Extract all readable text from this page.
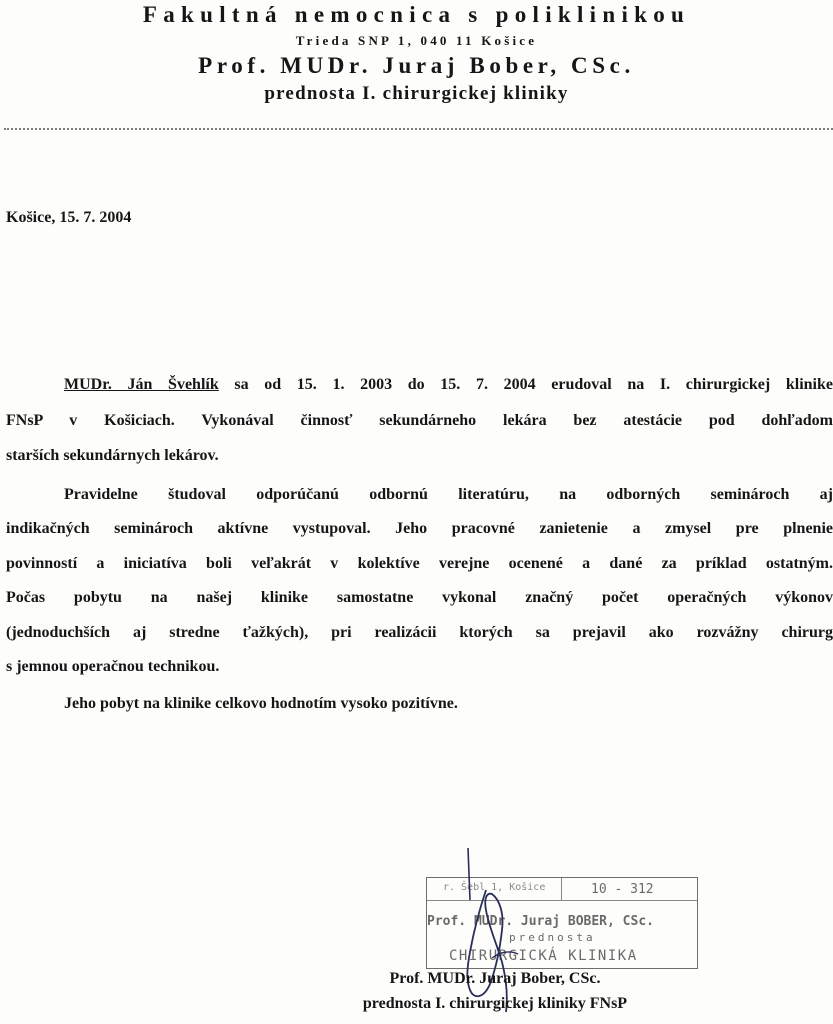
Fakultná nemocnica s poliklinikou
Trieda SNP 1, 040 11 Košice
Prof. MUDr. Juraj Bober, CSc.
prednosta I. chirurgickej kliniky
Košice, 15. 7. 2004
MUDr. Ján Švehlík sa od 15. 1. 2003 do 15. 7. 2004 erudoval na I. chirurgickej klinike
FNsP v Košiciach. Vykonával činnosť sekundárneho lekára bez atestácie pod dohľadom
starších sekundárnych lekárov.
Pravidelne študoval odporúčanú odbornú literatúru, na odborných seminároch aj
indikačných seminároch aktívne vystupoval. Jeho pracovné zanietenie a zmysel pre plnenie
povinností a iniciatíva boli veľakrát v kolektíve verejne ocenené a dané za príklad ostatným.
Počas pobytu na našej klinike samostatne vykonal značný počet operačných výkonov
(jednoduchších aj stredne ťažkých), pri realizácii ktorých sa prejavil ako rozvážny chirurg
s jemnou operačnou technikou.
Jeho pobyt na klinike celkovo hodnotím vysoko pozitívne.
r. Šebl 1, Košice	10 - 312
Prof. MUDr. Juraj BOBER, CSc.
prednosta
CHIRURGICKÁ KLINIKA
Prof. MUDr. Juraj Bober, CSc.
prednosta I. chirurgickej kliniky FNsP
